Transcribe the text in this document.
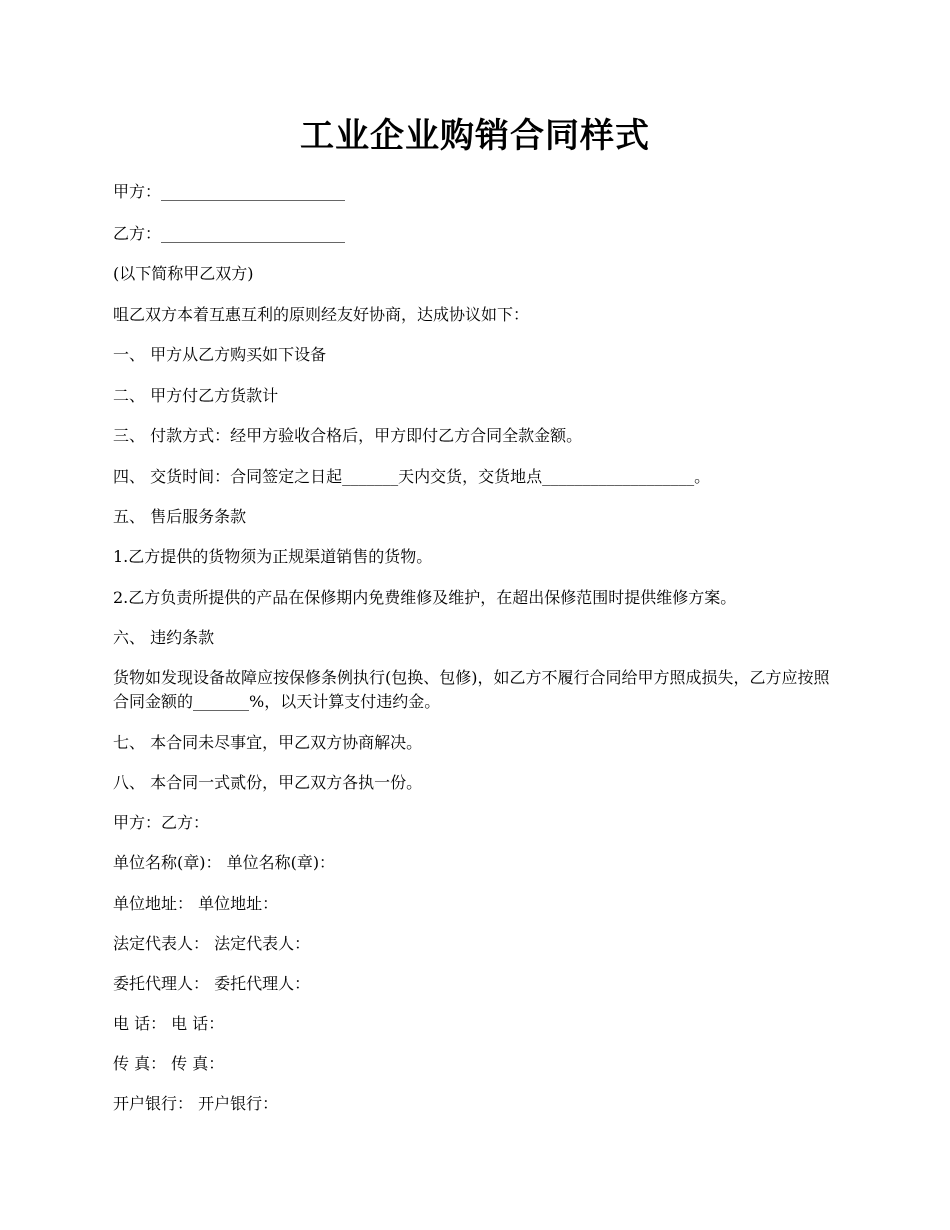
工业企业购销合同样式
甲方：_______________________
乙方：_______________________
(以下简称甲乙双方)
咀乙双方本着互惠互利的原则经友好协商，达成协议如下：
一、 甲方从乙方购买如下设备
二、 甲方付乙方货款计
三、 付款方式：经甲方验收合格后，甲方即付乙方合同全款金额。
四、 交货时间：合同签定之日起_______天内交货，交货地点___________________。
五、 售后服务条款
1.乙方提供的货物须为正规渠道销售的货物。
2.乙方负责所提供的产品在保修期内免费维修及维护，在超出保修范围时提供维修方案。
六、 违约条款
货物如发现设备故障应按保修条例执行(包换、包修)，如乙方不履行合同给甲方照成损失，乙方应按照合同金额的_______%，以天计算支付违约金。
七、 本合同未尽事宜，甲乙双方协商解决。
八、 本合同一式贰份，甲乙双方各执一份。
甲方：乙方：
单位名称(章)： 单位名称(章)：
单位地址： 单位地址：
法定代表人： 法定代表人：
委托代理人： 委托代理人：
电 话： 电 话：
传 真： 传 真：
开户银行： 开户银行：
